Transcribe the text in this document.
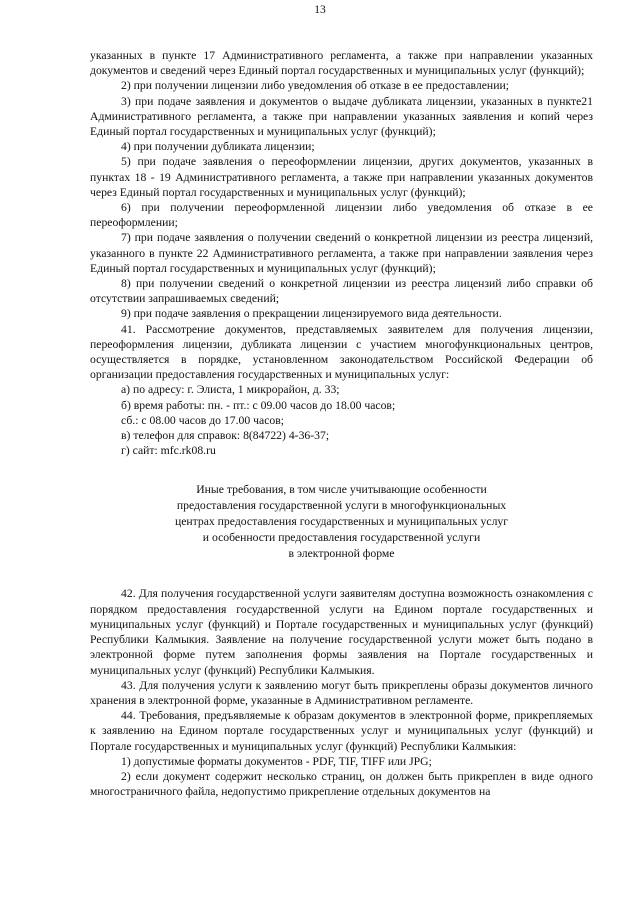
13

указанных в пункте 17 Административного регламента, а также при направлении указанных документов и сведений через Единый портал государственных и муниципальных услуг (функций);

2) при получении лицензии либо уведомления об отказе в ее предоставлении;

3) при подаче заявления и документов о выдаче дубликата лицензии, указанных в пункте21 Административного регламента, а также при направлении указанных заявления и копий через Единый портал государственных и муниципальных услуг (функций);

4) при получении дубликата лицензии;

5) при подаче заявления о переоформлении лицензии, других документов, указанных в пунктах 18 - 19 Административного регламента, а также при направлении указанных документов через Единый портал государственных и муниципальных услуг (функций);

6) при получении переоформленной лицензии либо уведомления об отказе в ее переоформлении;

7) при подаче заявления о получении сведений о конкретной лицензии из реестра лицензий, указанного в пункте 22 Административного регламента, а также при направлении заявления через Единый портал государственных и муниципальных услуг (функций);

8) при получении сведений о конкретной лицензии из реестра лицензий либо справки об отсутствии запрашиваемых сведений;

9) при подаче заявления о прекращении лицензируемого вида деятельности.

41. Рассмотрение документов, представляемых заявителем для получения лицензии, переоформления лицензии, дубликата лицензии с участием многофункциональных центров, осуществляется в порядке, установленном законодательством Российской Федерации об организации предоставления государственных и муниципальных услуг:

а) по адресу: г. Элиста, 1 микрорайон, д. 33;

б) время работы: пн. - пт.: с 09.00 часов до 18.00 часов;

сб.: с 08.00 часов до 17.00 часов;

в) телефон для справок: 8(84722) 4-36-37;

г) сайт: mfc.rk08.ru

Иные требования, в том числе учитывающие особенности
предоставления государственной услуги в многофункциональных
центрах предоставления государственных и муниципальных услуг
и особенности предоставления государственной услуги
в электронной форме

42. Для получения государственной услуги заявителям доступна возможность ознакомления с порядком предоставления государственной услуги на Едином портале государственных и муниципальных услуг (функций) и Портале государственных и муниципальных услуг (функций) Республики Калмыкия. Заявление на получение государственной услуги может быть подано в электронной форме путем заполнения формы заявления на Портале государственных и муниципальных услуг (функций) Республики Калмыкия.

43. Для получения услуги к заявлению могут быть прикреплены образы документов личного хранения в электронной форме, указанные в Административном регламенте.

44. Требования, предъявляемые к образам документов в электронной форме, прикрепляемых к заявлению на Едином портале государственных услуг и муниципальных услуг (функций) и Портале государственных и муниципальных услуг (функций) Республики Калмыкия:

1) допустимые форматы документов - PDF, TIF, TIFF или JPG;

2) если документ содержит несколько страниц, он должен быть прикреплен в виде одного многостраничного файла, недопустимо прикрепление отдельных документов на
